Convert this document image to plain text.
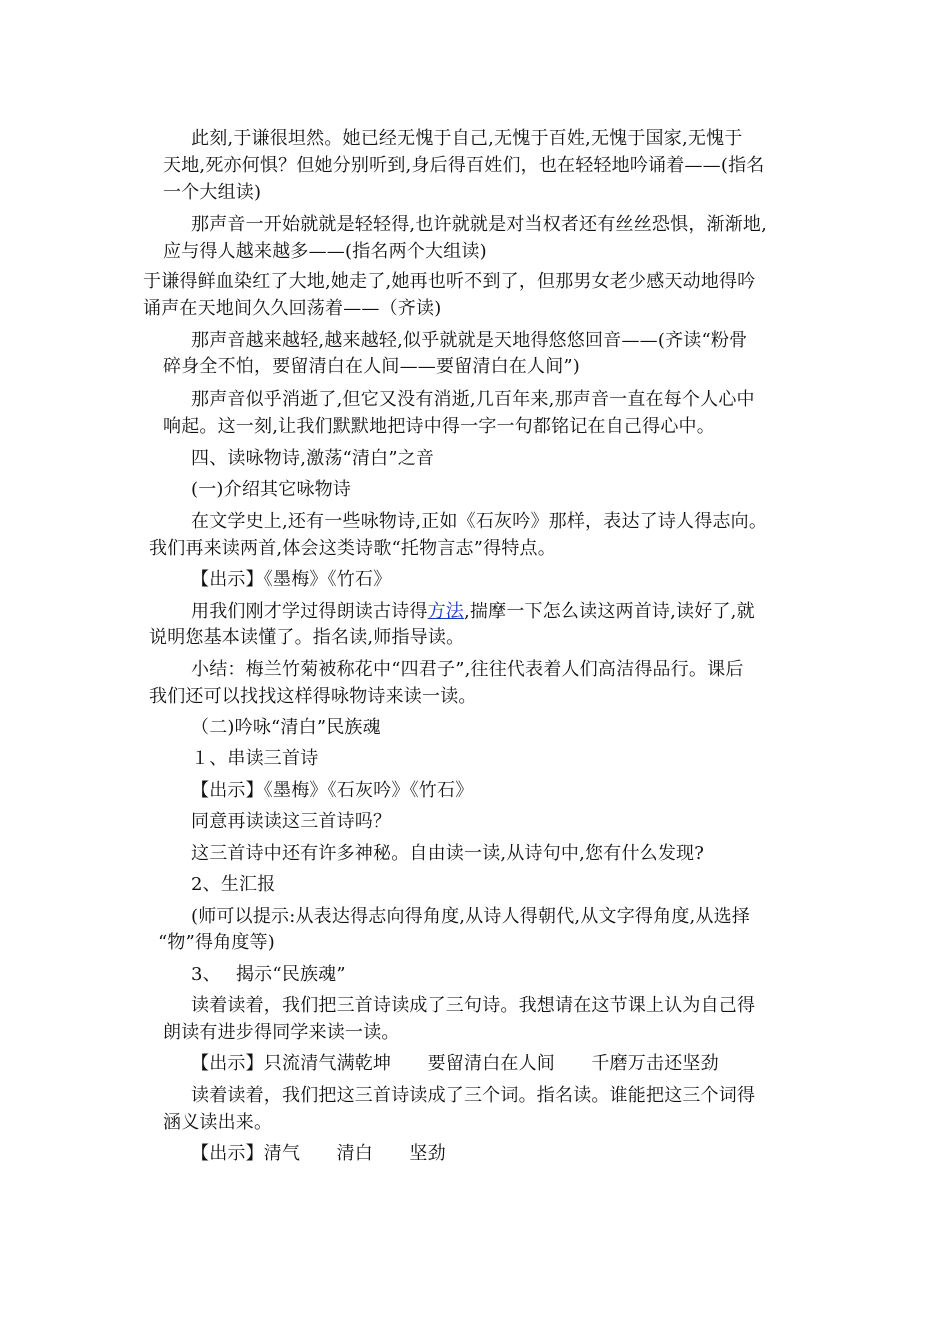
此刻,于谦很坦然。她已经无愧于自己,无愧于百姓,无愧于国家,无愧于
天地,死亦何惧？但她分别听到,身后得百姓们，也在轻轻地吟诵着——(指名
一个大组读)
那声音一开始就就是轻轻得,也许就就是对当权者还有丝丝恐惧，渐渐地,
应与得人越来越多——(指名两个大组读)
于谦得鲜血染红了大地,她走了,她再也听不到了，但那男女老少感天动地得吟
诵声在天地间久久回荡着——（齐读)
那声音越来越轻,越来越轻,似乎就就是天地得悠悠回音——(齐读“粉骨
碎身全不怕，要留清白在人间——要留清白在人间”)
那声音似乎消逝了,但它又没有消逝,几百年来,那声音一直在每个人心中
响起。这一刻,让我们默默地把诗中得一字一句都铭记在自己得心中。
四、读咏物诗,激荡“清白”之音
(一)介绍其它咏物诗
在文学史上,还有一些咏物诗,正如《石灰吟》那样，表达了诗人得志向。
我们再来读两首,体会这类诗歌“托物言志”得特点。
【出示】《墨梅》《竹石》
用我们刚才学过得朗读古诗得方法,揣摩一下怎么读这两首诗,读好了,就
说明您基本读懂了。指名读,师指导读。
小结：梅兰竹菊被称花中“四君子”,往往代表着人们高洁得品行。课后
我们还可以找找这样得咏物诗来读一读。
（二)吟咏“清白”民族魂
１、串读三首诗
【出示】《墨梅》《石灰吟》《竹石》
同意再读读这三首诗吗？
这三首诗中还有许多神秘。自由读一读,从诗句中,您有什么发现?
2、生汇报
(师可以提示:从表达得志向得角度,从诗人得朝代,从文字得角度,从选择
“物”得角度等)
3、　 揭示“民族魂”
读着读着，我们把三首诗读成了三句诗。我想请在这节课上认为自己得
朗读有进步得同学来读一读。
【出示】只流清气满乾坤　　要留清白在人间　　千磨万击还坚劲
读着读着，我们把这三首诗读成了三个词。指名读。谁能把这三个词得
涵义读出来。
【出示】清气　　清白　　坚劲
